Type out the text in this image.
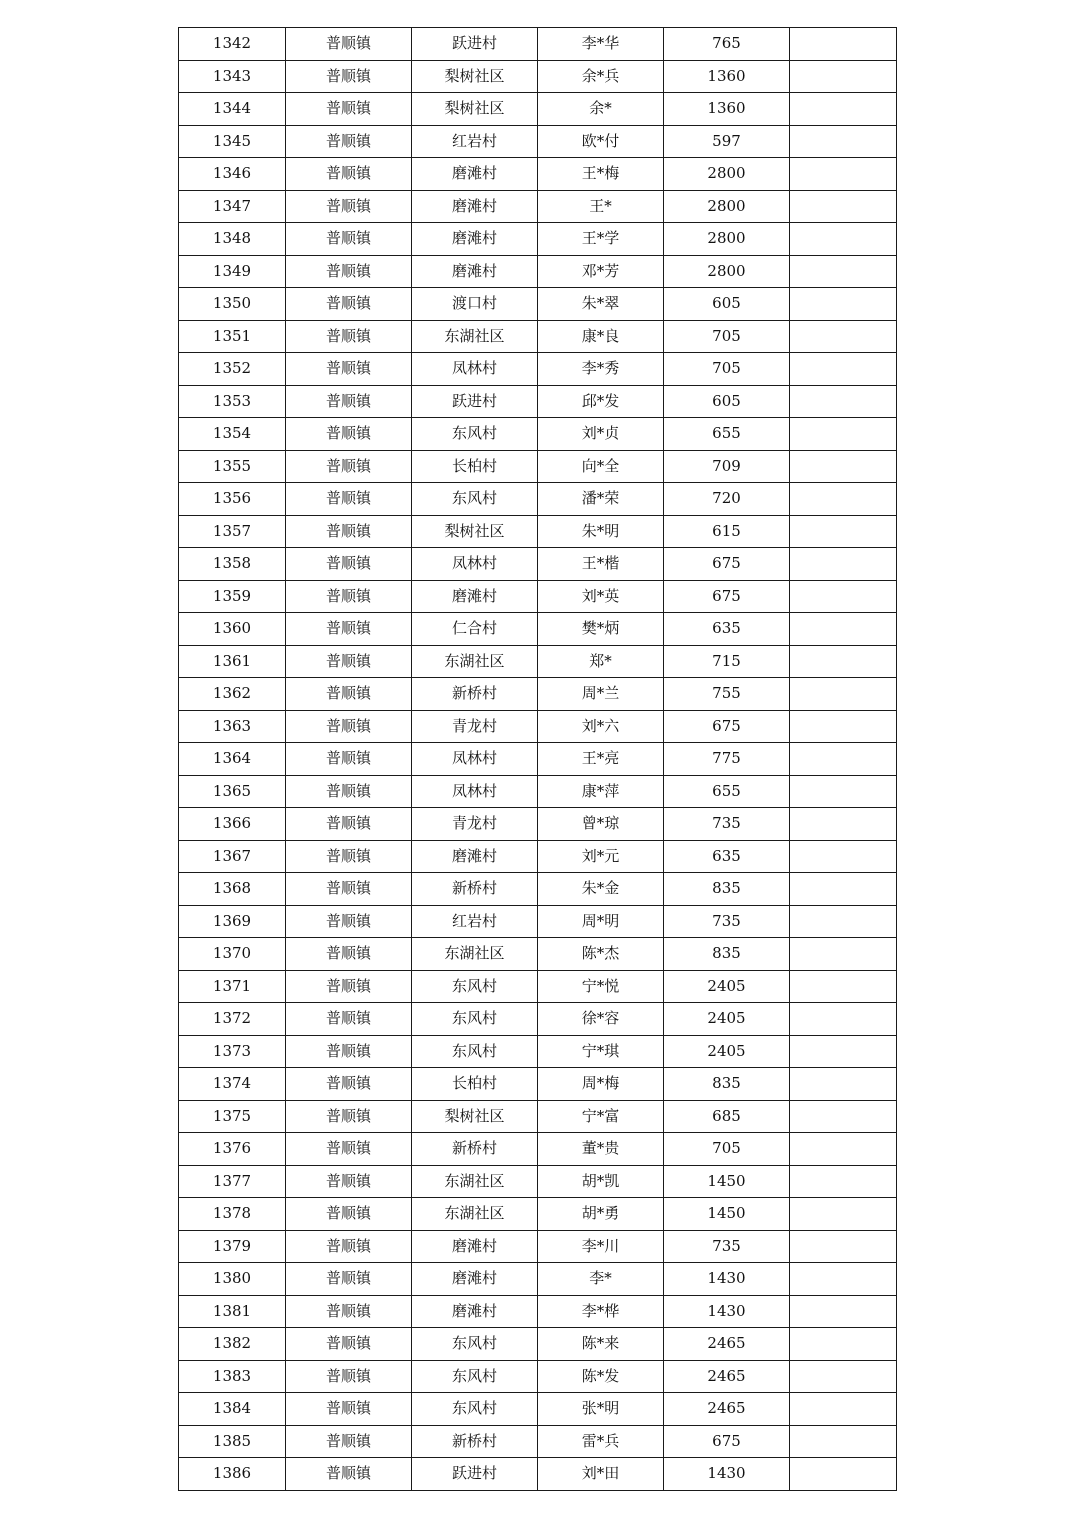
1342	普顺镇	跃进村	李*华	765	
1343	普顺镇	梨树社区	余*兵	1360	
1344	普顺镇	梨树社区	余*	1360	
1345	普顺镇	红岩村	欧*付	597	
1346	普顺镇	磨滩村	王*梅	2800	
1347	普顺镇	磨滩村	王*	2800	
1348	普顺镇	磨滩村	王*学	2800	
1349	普顺镇	磨滩村	邓*芳	2800	
1350	普顺镇	渡口村	朱*翠	605	
1351	普顺镇	东湖社区	康*良	705	
1352	普顺镇	凤林村	李*秀	705	
1353	普顺镇	跃进村	邱*发	605	
1354	普顺镇	东风村	刘*贞	655	
1355	普顺镇	长柏村	向*全	709	
1356	普顺镇	东风村	潘*荣	720	
1357	普顺镇	梨树社区	朱*明	615	
1358	普顺镇	凤林村	王*楷	675	
1359	普顺镇	磨滩村	刘*英	675	
1360	普顺镇	仁合村	樊*炳	635	
1361	普顺镇	东湖社区	郑*	715	
1362	普顺镇	新桥村	周*兰	755	
1363	普顺镇	青龙村	刘*六	675	
1364	普顺镇	凤林村	王*亮	775	
1365	普顺镇	凤林村	康*萍	655	
1366	普顺镇	青龙村	曾*琼	735	
1367	普顺镇	磨滩村	刘*元	635	
1368	普顺镇	新桥村	朱*金	835	
1369	普顺镇	红岩村	周*明	735	
1370	普顺镇	东湖社区	陈*杰	835	
1371	普顺镇	东风村	宁*悦	2405	
1372	普顺镇	东风村	徐*容	2405	
1373	普顺镇	东风村	宁*琪	2405	
1374	普顺镇	长柏村	周*梅	835	
1375	普顺镇	梨树社区	宁*富	685	
1376	普顺镇	新桥村	董*贵	705	
1377	普顺镇	东湖社区	胡*凯	1450	
1378	普顺镇	东湖社区	胡*勇	1450	
1379	普顺镇	磨滩村	李*川	735	
1380	普顺镇	磨滩村	李*	1430	
1381	普顺镇	磨滩村	李*桦	1430	
1382	普顺镇	东风村	陈*来	2465	
1383	普顺镇	东风村	陈*发	2465	
1384	普顺镇	东风村	张*明	2465	
1385	普顺镇	新桥村	雷*兵	675	
1386	普顺镇	跃进村	刘*田	1430	
